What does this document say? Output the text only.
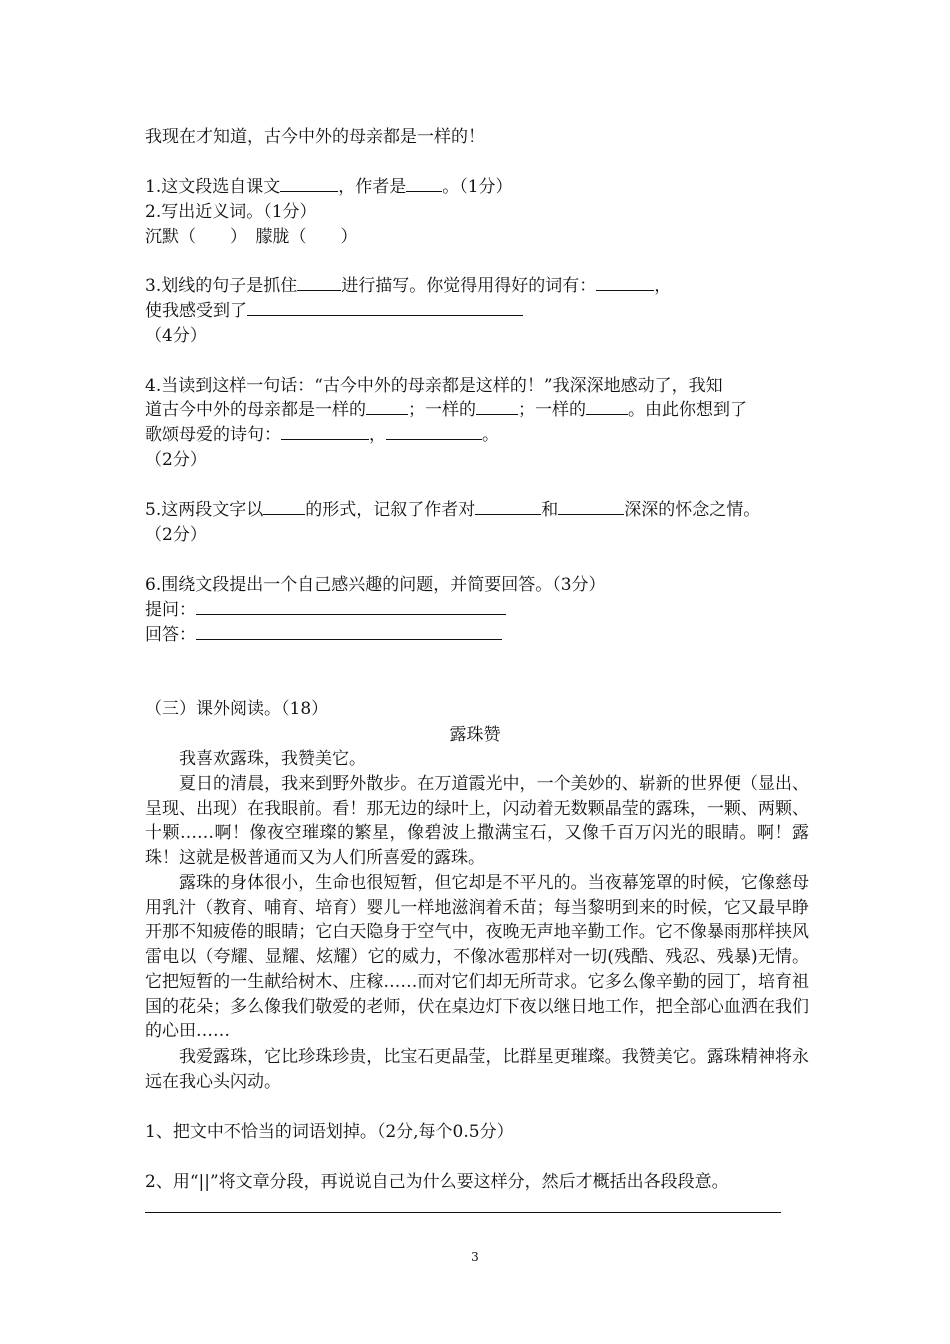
我现在才知道，古今中外的母亲都是一样的！
1.这文段选自课文	，作者是 。（1分）
2.写出近义词。（1分）
沉默（　　）　朦胧（　　）
3.划线的句子是抓住	进行描写。你觉得用得好的词有：	，
使我感受到了
（4分）
4.当读到这样一句话：“古今中外的母亲都是这样的！”我深深地感动了，我知
道古今中外的母亲都是一样的 ；一样的 ；一样的 。由此你想到了
歌颂母爱的诗句：	，	。
（2分）
5.这两段文字以 的形式，记叙了作者对	和	深深的怀念之情。
（2分）
6.围绕文段提出一个自己感兴趣的问题，并简要回答。（3分）
提问：
回答：
（三）课外阅读。（18）
露珠赞
我喜欢露珠，我赞美它。
夏日的清晨，我来到野外散步。在万道霞光中，一个美妙的、崭新的世界便（显出、呈现、出现）在我眼前。看！那无边的绿叶上，闪动着无数颗晶莹的露珠，一颗、两颗、十颗……啊！像夜空璀璨的繁星，像碧波上撒满宝石，又像千百万闪光的眼睛。啊！露珠！这就是极普通而又为人们所喜爱的露珠。
露珠的身体很小，生命也很短暂，但它却是不平凡的。当夜幕笼罩的时候，它像慈母用乳汁（教育、哺育、培育）婴儿一样地滋润着禾苗；每当黎明到来的时候，它又最早睁开那不知疲倦的眼睛；它白天隐身于空气中，夜晚无声地辛勤工作。它不像暴雨那样挟风雷电以（夸耀、显耀、炫耀）它的威力，不像冰雹那样对一切(残酷、残忍、残暴)无情。它把短暂的一生献给树木、庄稼……而对它们却无所苛求。它多么像辛勤的园丁，培育祖国的花朵；多么像我们敬爱的老师，伏在桌边灯下夜以继日地工作，把全部心血洒在我们的心田……
我爱露珠，它比珍珠珍贵，比宝石更晶莹，比群星更璀璨。我赞美它。露珠精神将永远在我心头闪动。
1、把文中不恰当的词语划掉。（2分,每个0.5分）
2、用“||”将文章分段，再说说自己为什么要这样分，然后才概括出各段段意。
3
